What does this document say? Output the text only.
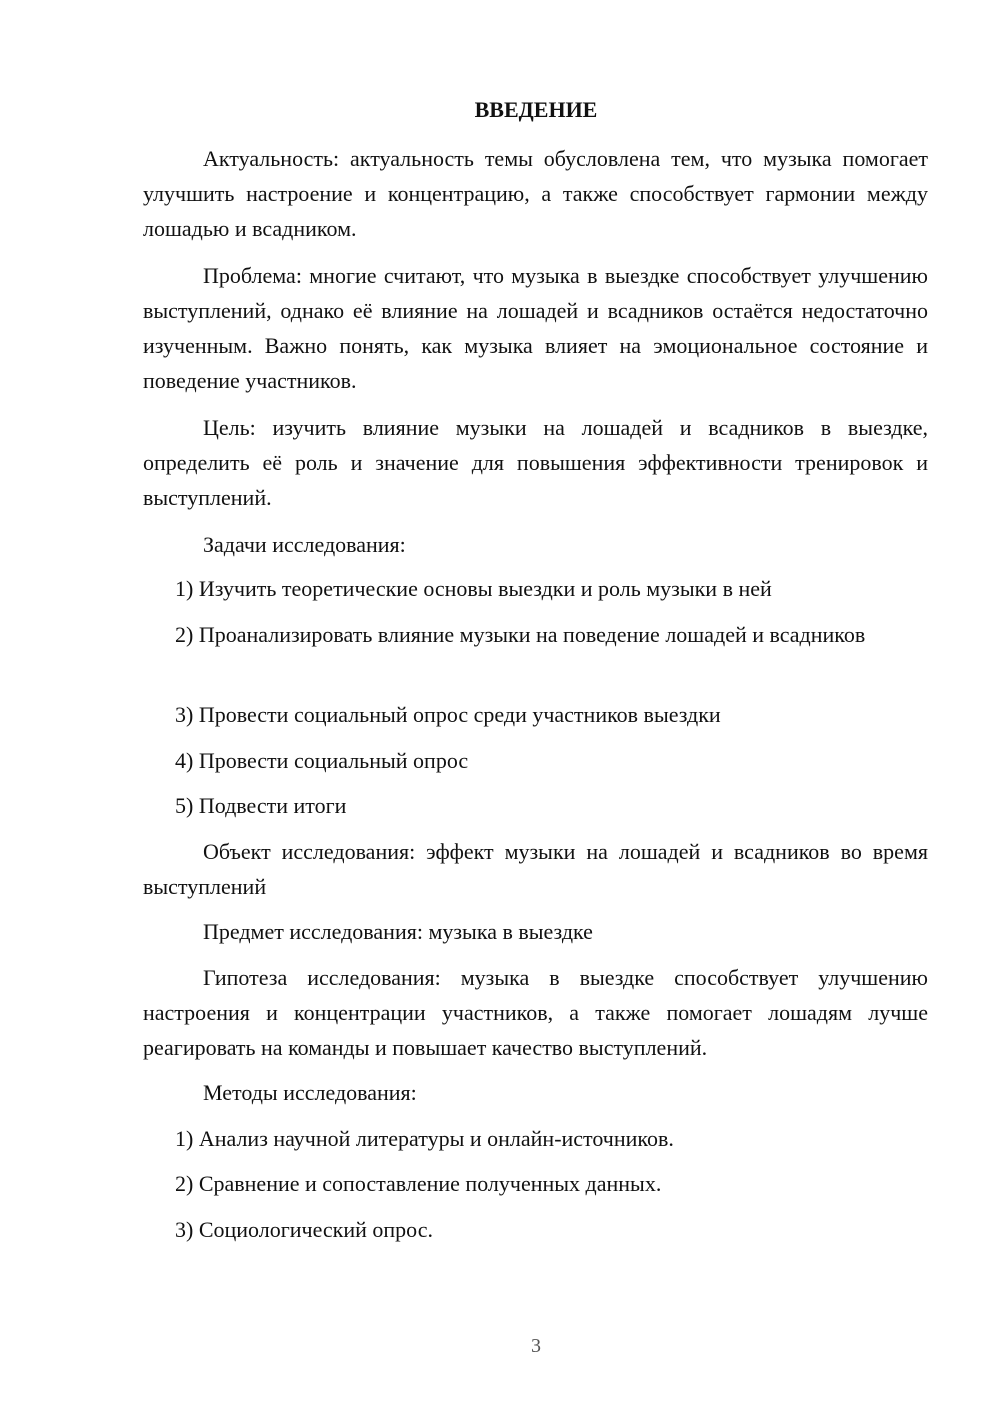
ВВЕДЕНИЕ

Актуальность: актуальность темы обусловлена тем, что музыка помогает улучшить настроение и концентрацию, а также способствует гармонии между лошадью и всадником.

Проблема: многие считают, что музыка в выездке способствует улучшению выступлений, однако её влияние на лошадей и всадников остаётся недостаточно изученным. Важно понять, как музыка влияет на эмоциональное состояние и поведение участников.

Цель: изучить влияние музыки на лошадей и всадников в выездке, определить её роль и значение для повышения эффективности тренировок и выступлений.

Задачи исследования:

1) Изучить теоретические основы выездки и роль музыки в ней

2) Проанализировать влияние музыки на поведение лошадей и всадников

3) Провести социальный опрос среди участников выездки

4) Провести социальный опрос

5) Подвести итоги

Объект исследования: эффект музыки на лошадей и всадников во время выступлений

Предмет исследования: музыка в выездке

Гипотеза исследования: музыка в выездке способствует улучшению настроения и концентрации участников, а также помогает лошадям лучше реагировать на команды и повышает качество выступлений.

Методы исследования:

1) Анализ научной литературы и онлайн-источников.

2) Сравнение и сопоставление полученных данных.

3) Социологический опрос.

3
